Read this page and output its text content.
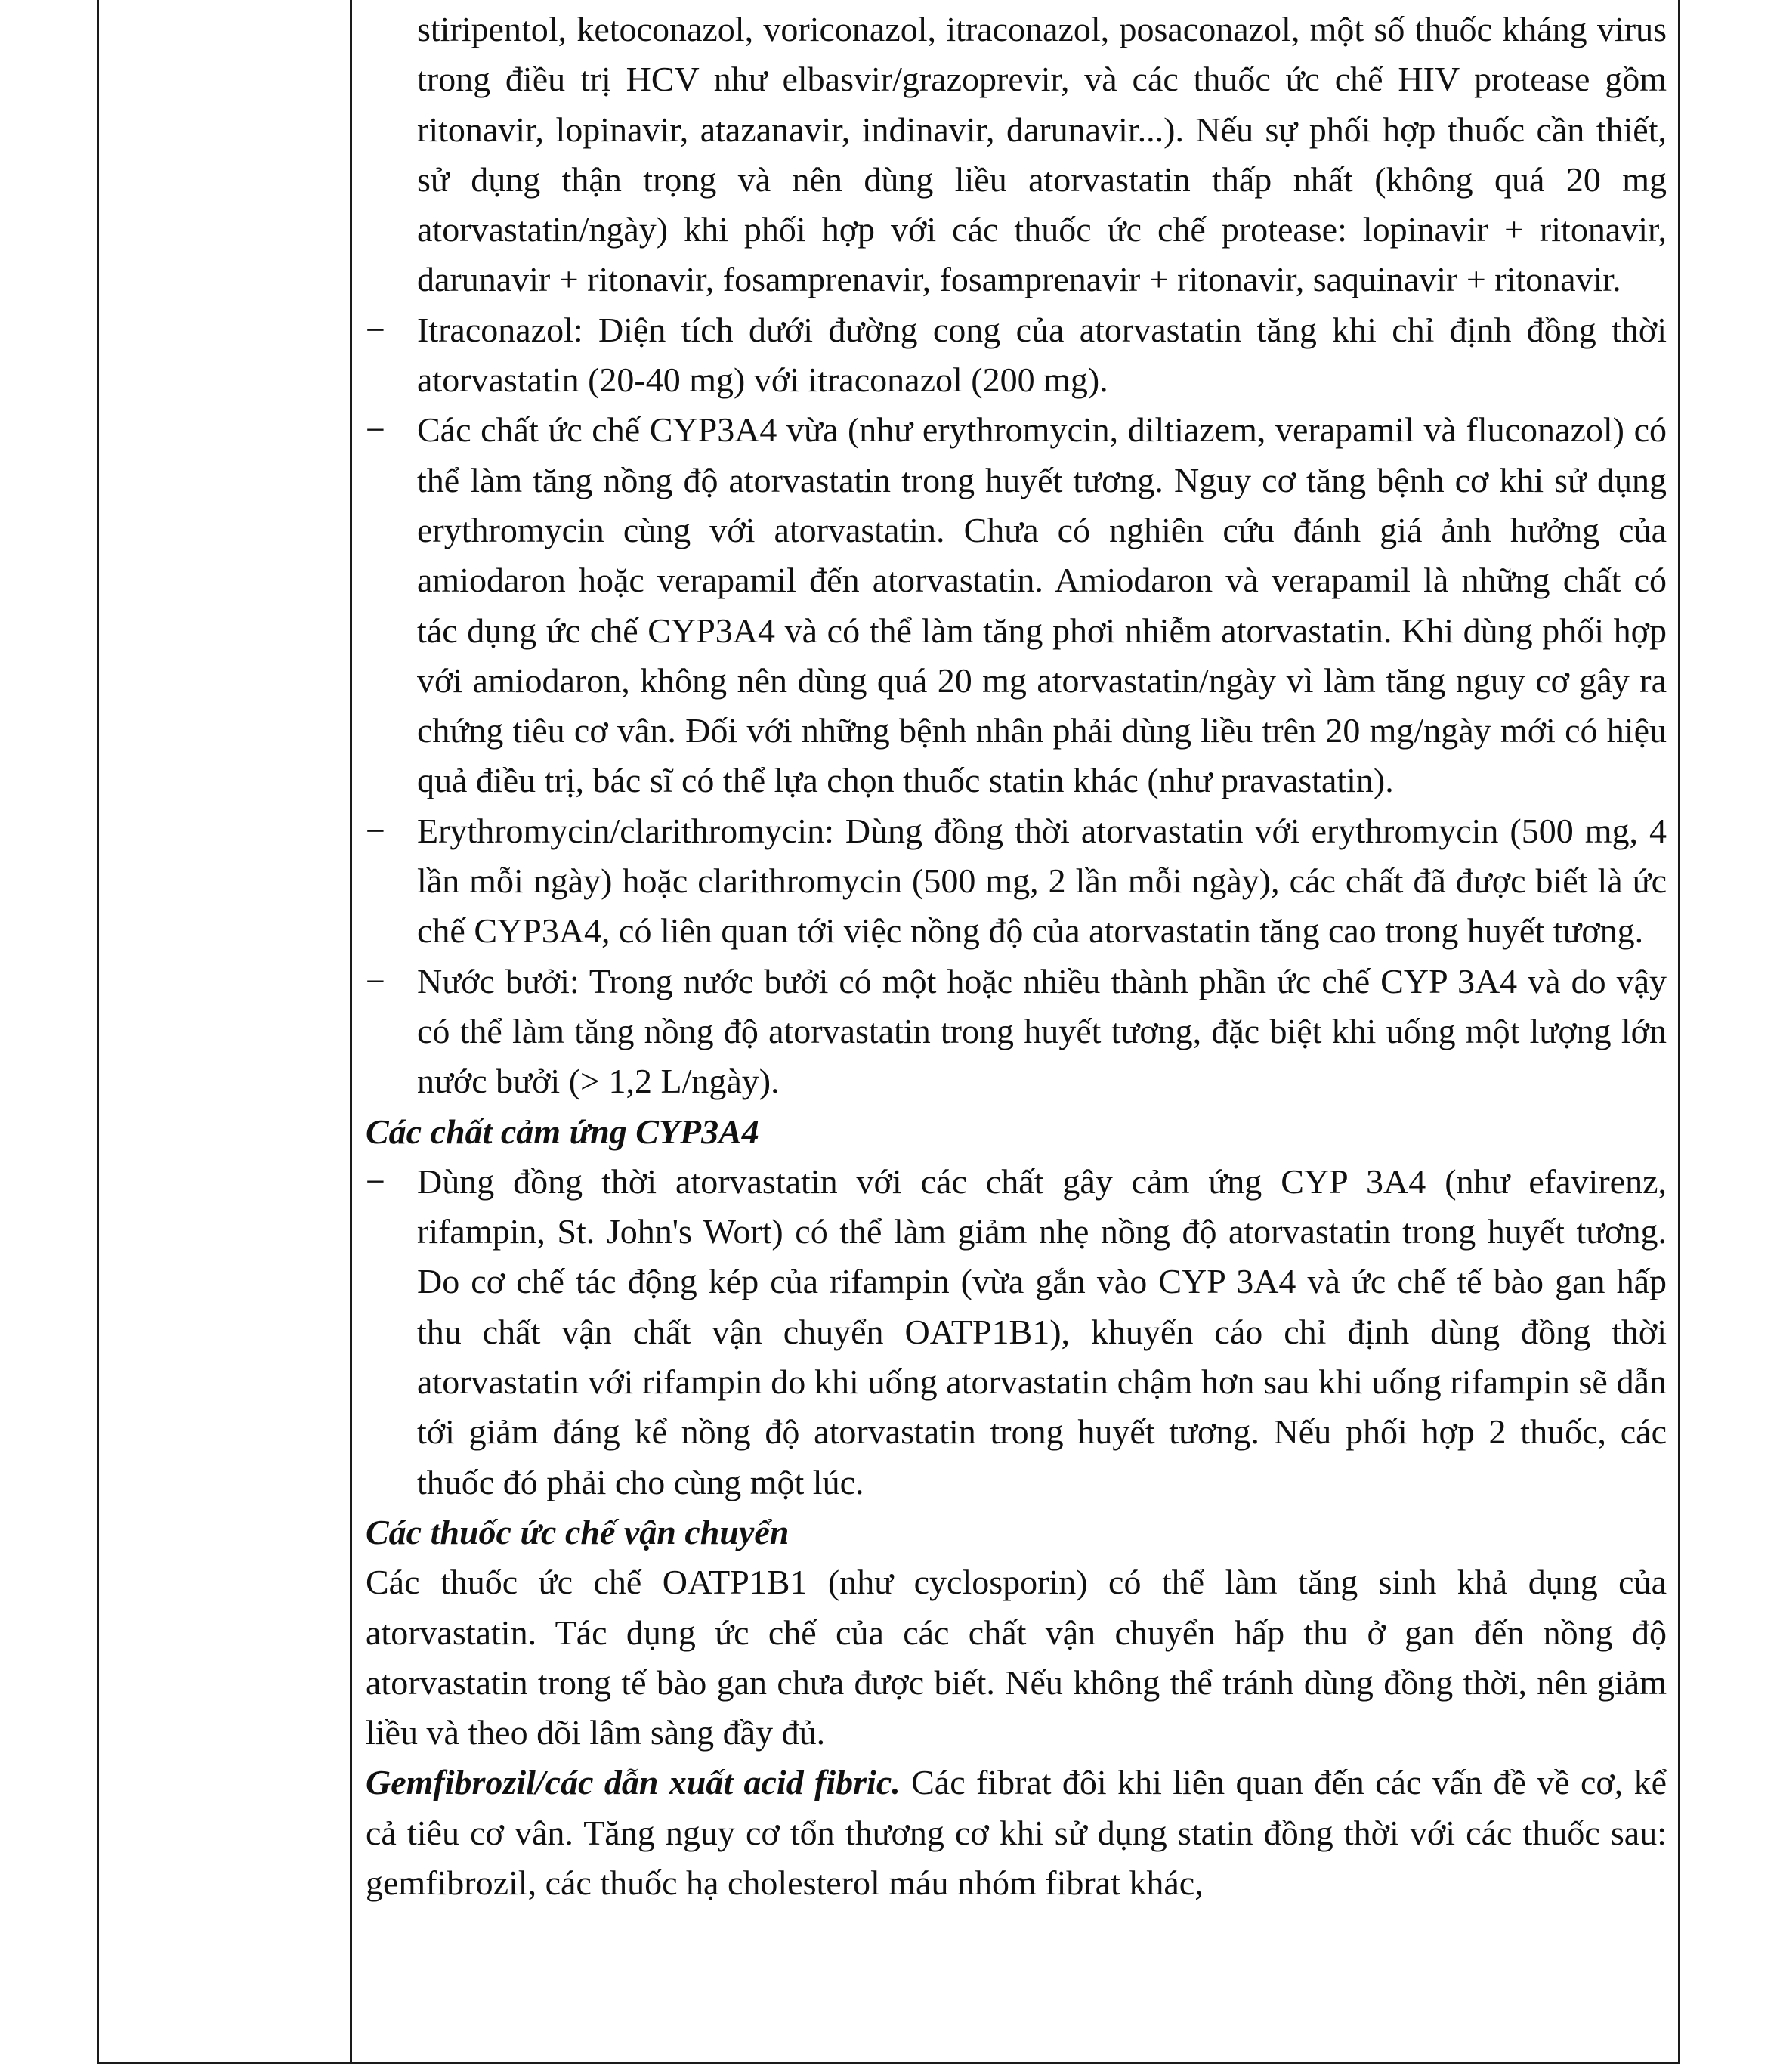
stiripentol, ketoconazol, voriconazol, itraconazol, posaconazol, một số thuốc kháng virus trong điều trị HCV như elbasvir/grazoprevir, và các thuốc ức chế HIV protease gồm ritonavir, lopinavir, atazanavir, indinavir, darunavir...). Nếu sự phối hợp thuốc cần thiết, sử dụng thận trọng và nên dùng liều atorvastatin thấp nhất (không quá 20 mg atorvastatin/ngày) khi phối hợp với các thuốc ức chế protease: lopinavir + ritonavir, darunavir + ritonavir, fosamprenavir, fosamprenavir + ritonavir, saquinavir + ritonavir.

− Itraconazol: Diện tích dưới đường cong của atorvastatin tăng khi chỉ định đồng thời atorvastatin (20-40 mg) với itraconazol (200 mg).
− Các chất ức chế CYP3A4 vừa (như erythromycin, diltiazem, verapamil và fluconazol) có thể làm tăng nồng độ atorvastatin trong huyết tương. Nguy cơ tăng bệnh cơ khi sử dụng erythromycin cùng với atorvastatin. Chưa có nghiên cứu đánh giá ảnh hưởng của amiodaron hoặc verapamil đến atorvastatin. Amiodaron và verapamil là những chất có tác dụng ức chế CYP3A4 và có thể làm tăng phơi nhiễm atorvastatin. Khi dùng phối hợp với amiodaron, không nên dùng quá 20 mg atorvastatin/ngày vì làm tăng nguy cơ gây ra chứng tiêu cơ vân. Đối với những bệnh nhân phải dùng liều trên 20 mg/ngày mới có hiệu quả điều trị, bác sĩ có thể lựa chọn thuốc statin khác (như pravastatin).
− Erythromycin/clarithromycin: Dùng đồng thời atorvastatin với erythromycin (500 mg, 4 lần mỗi ngày) hoặc clarithromycin (500 mg, 2 lần mỗi ngày), các chất đã được biết là ức chế CYP3A4, có liên quan tới việc nồng độ của atorvastatin tăng cao trong huyết tương.
− Nước bưởi: Trong nước bưởi có một hoặc nhiều thành phần ức chế CYP 3A4 và do vậy có thể làm tăng nồng độ atorvastatin trong huyết tương, đặc biệt khi uống một lượng lớn nước bưởi (> 1,2 L/ngày).

Các chất cảm ứng CYP3A4

− Dùng đồng thời atorvastatin với các chất gây cảm ứng CYP 3A4 (như efavirenz, rifampin, St. John's Wort) có thể làm giảm nhẹ nồng độ atorvastatin trong huyết tương. Do cơ chế tác động kép của rifampin (vừa gắn vào CYP 3A4 và ức chế tế bào gan hấp thu chất vận chất vận chuyển OATP1B1), khuyến cáo chỉ định dùng đồng thời atorvastatin với rifampin do khi uống atorvastatin chậm hơn sau khi uống rifampin sẽ dẫn tới giảm đáng kể nồng độ atorvastatin trong huyết tương. Nếu phối hợp 2 thuốc, các thuốc đó phải cho cùng một lúc.

Các thuốc ức chế vận chuyển

Các thuốc ức chế OATP1B1 (như cyclosporin) có thể làm tăng sinh khả dụng của atorvastatin. Tác dụng ức chế của các chất vận chuyển hấp thu ở gan đến nồng độ atorvastatin trong tế bào gan chưa được biết. Nếu không thể tránh dùng đồng thời, nên giảm liều và theo dõi lâm sàng đầy đủ.

Gemfibrozil/các dẫn xuất acid fibric. Các fibrat đôi khi liên quan đến các vấn đề về cơ, kể cả tiêu cơ vân. Tăng nguy cơ tổn thương cơ khi sử dụng statin đồng thời với các thuốc sau: gemfibrozil, các thuốc hạ cholesterol máu nhóm fibrat khác,
